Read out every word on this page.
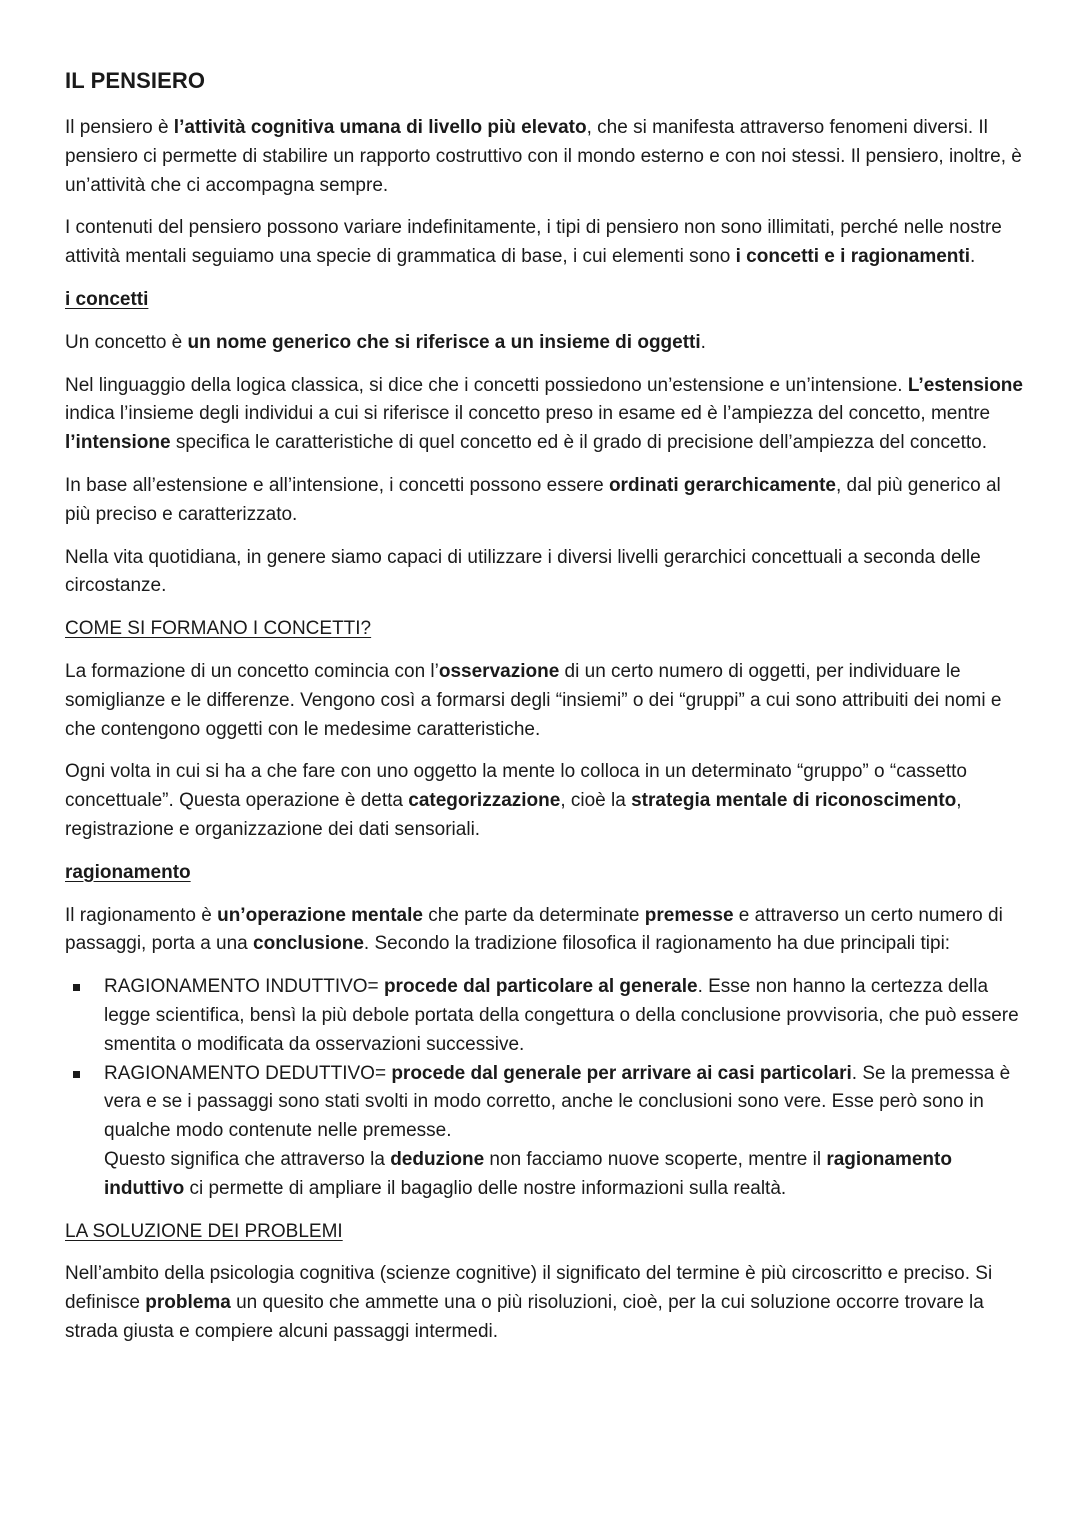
IL PENSIERO

Il pensiero è l’attività cognitiva umana di livello più elevato, che si manifesta attraverso fenomeni diversi. Il pensiero ci permette di stabilire un rapporto costruttivo con il mondo esterno e con noi stessi. Il pensiero, inoltre, è un’attività che ci accompagna sempre.

I contenuti del pensiero possono variare indefinitamente, i tipi di pensiero non sono illimitati, perché nelle nostre attività mentali seguiamo una specie di grammatica di base, i cui elementi sono i concetti e i ragionamenti.

i concetti

Un concetto è un nome generico che si riferisce a un insieme di oggetti.

Nel linguaggio della logica classica, si dice che i concetti possiedono un’estensione e un’intensione. L’estensione indica l’insieme degli individui a cui si riferisce il concetto preso in esame ed è l’ampiezza del concetto, mentre l’intensione specifica le caratteristiche di quel concetto ed è il grado di precisione dell’ampiezza del concetto.

In base all’estensione e all’intensione, i concetti possono essere ordinati gerarchicamente, dal più generico al più preciso e caratterizzato.

Nella vita quotidiana, in genere siamo capaci di utilizzare i diversi livelli gerarchici concettuali a seconda delle circostanze.

COME SI FORMANO I CONCETTI?

La formazione di un concetto comincia con l’osservazione di un certo numero di oggetti, per individuare le somiglianze e le differenze. Vengono così a formarsi degli “insiemi” o dei “gruppi” a cui sono attribuiti dei nomi e che contengono oggetti con le medesime caratteristiche.

Ogni volta in cui si ha a che fare con uno oggetto la mente lo colloca in un determinato “gruppo” o “cassetto concettuale”. Questa operazione è detta categorizzazione, cioè la strategia mentale di riconoscimento, registrazione e organizzazione dei dati sensoriali.

ragionamento

Il ragionamento è un’operazione mentale che parte da determinate premesse e attraverso un certo numero di passaggi, porta a una conclusione. Secondo la tradizione filosofica il ragionamento ha due principali tipi:

RAGIONAMENTO INDUTTIVO= procede dal particolare al generale. Esse non hanno la certezza della legge scientifica, bensì la più debole portata della congettura o della conclusione provvisoria, che può essere smentita o modificata da osservazioni successive.
RAGIONAMENTO DEDUTTIVO= procede dal generale per arrivare ai casi particolari. Se la premessa è vera e se i passaggi sono stati svolti in modo corretto, anche le conclusioni sono vere. Esse però sono in qualche modo contenute nelle premesse.
Questo significa che attraverso la deduzione non facciamo nuove scoperte, mentre il ragionamento induttivo ci permette di ampliare il bagaglio delle nostre informazioni sulla realtà.
LA SOLUZIONE DEI PROBLEMI

Nell’ambito della psicologia cognitiva (scienze cognitive) il significato del termine è più circoscritto e preciso. Si definisce problema un quesito che ammette una o più risoluzioni, cioè, per la cui soluzione occorre trovare la strada giusta e compiere alcuni passaggi intermedi.
